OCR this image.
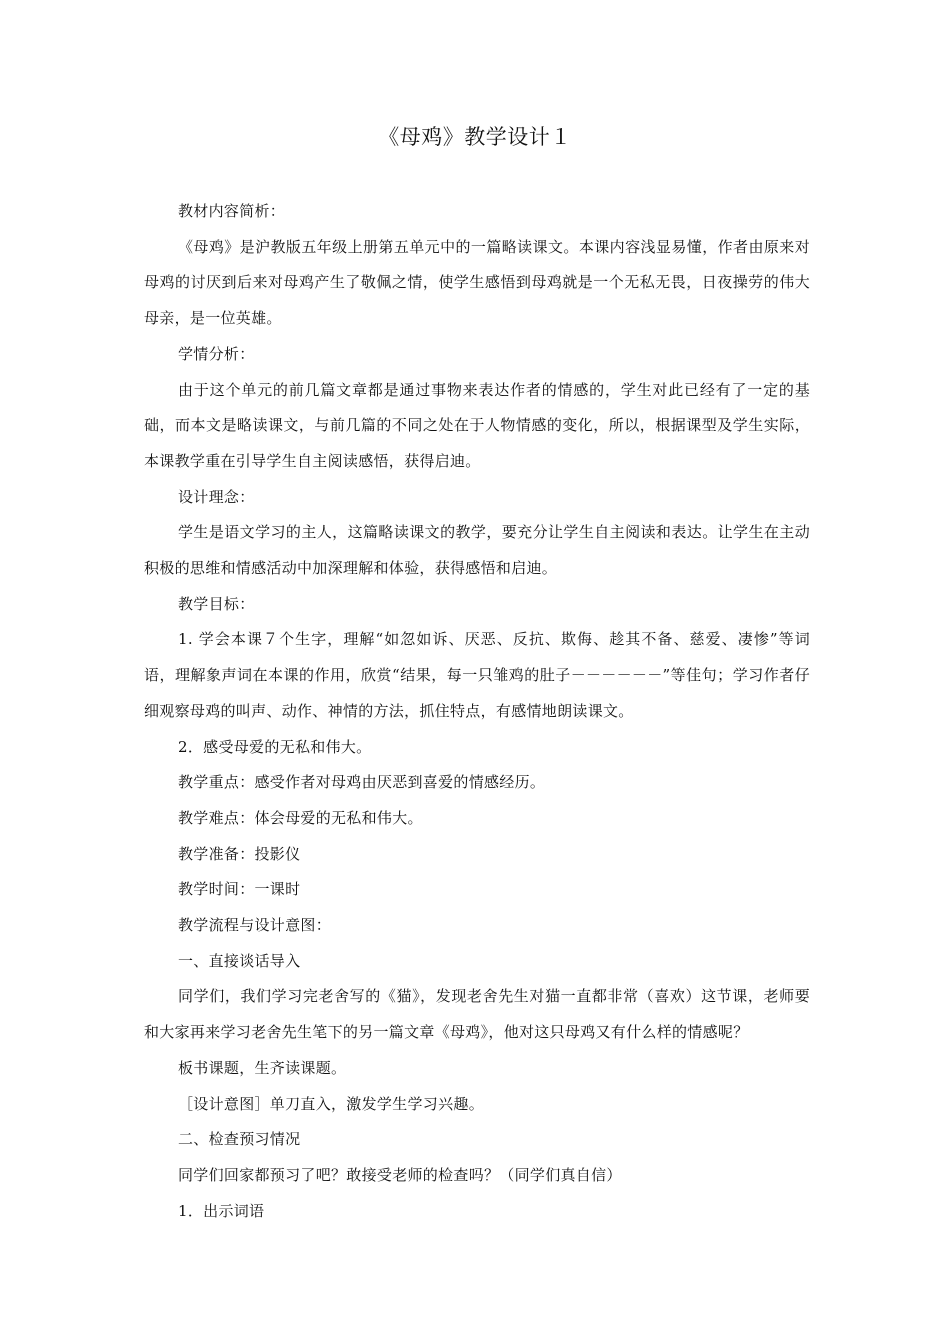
《母鸡》教学设计１

教材内容简析：

《母鸡》是沪教版五年级上册第五单元中的一篇略读课文。本课内容浅显易懂，作者由原来对母鸡的讨厌到后来对母鸡产生了敬佩之情，使学生感悟到母鸡就是一个无私无畏，日夜操劳的伟大母亲，是一位英雄。

学情分析：

由于这个单元的前几篇文章都是通过事物来表达作者的情感的，学生对此已经有了一定的基础，而本文是略读课文，与前几篇的不同之处在于人物情感的变化，所以，根据课型及学生实际，本课教学重在引导学生自主阅读感悟，获得启迪。

设计理念：

学生是语文学习的主人，这篇略读课文的教学，要充分让学生自主阅读和表达。让学生在主动积极的思维和情感活动中加深理解和体验，获得感悟和启迪。

教学目标：

1. 学会本课７个生字，理解“如忽如诉、厌恶、反抗、欺侮、趁其不备、慈爱、凄惨”等词语，理解象声词在本课的作用，欣赏“结果，每一只雏鸡的肚子－－－－－－”等佳句；学习作者仔细观察母鸡的叫声、动作、神情的方法，抓住特点，有感情地朗读课文。

2．感受母爱的无私和伟大。

教学重点：感受作者对母鸡由厌恶到喜爱的情感经历。

教学难点：体会母爱的无私和伟大。

教学准备：投影仪

教学时间：一课时

教学流程与设计意图：

一、直接谈话导入

同学们，我们学习完老舍写的《猫》，发现老舍先生对猫一直都非常（喜欢）这节课，老师要和大家再来学习老舍先生笔下的另一篇文章《母鸡》，他对这只母鸡又有什么样的情感呢？

板书课题，生齐读课题。

［设计意图］单刀直入，激发学生学习兴趣。

二、检查预习情况

同学们回家都预习了吧？敢接受老师的检查吗？（同学们真自信）

1．出示词语
